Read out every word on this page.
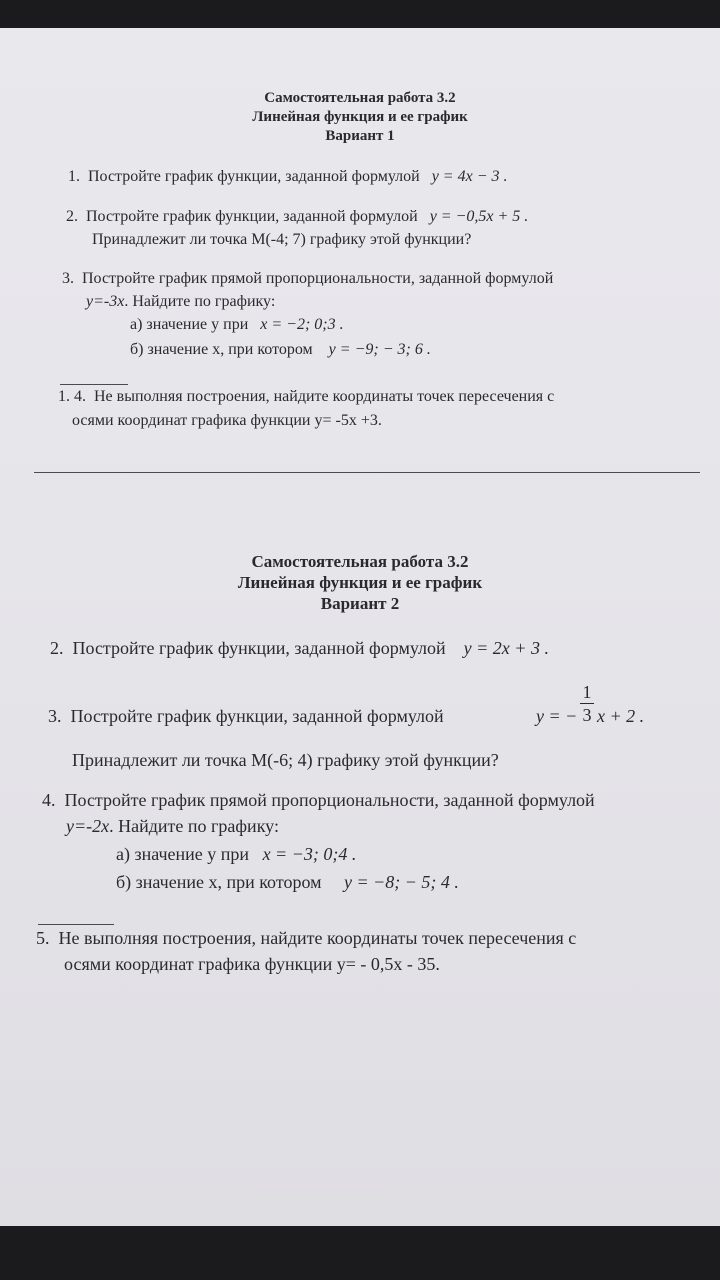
Самостоятельная работа 3.2
Линейная функция и ее график
Вариант 1
1. Постройте график функции, заданной формулой y = 4x − 3 .
2. Постройте график функции, заданной формулой y = −0,5x + 5 .
Принадлежит ли точка М(-4; 7) графику этой функции?
3. Постройте график прямой пропорциональности, заданной формулой
y=-3x. Найдите по графику:
а) значение y при x = −2; 0;3 .
б) значение х, при котором y = −9; − 3; 6 .
1. 4. Не выполняя построения, найдите координаты точек пересечения с
осями координат графика функции y= -5x +3.
Самостоятельная работа 3.2
Линейная функция и ее график
Вариант 2
2. Постройте график функции, заданной формулой y = 2x + 3 .
3. Постройте график функции, заданной формулой	y = −
1
3 x + 2 .
Принадлежит ли точка М(-6; 4) графику этой функции?
4. Постройте график прямой пропорциональности, заданной формулой
y=-2x. Найдите по графику:
а) значение y при x = −3; 0;4 .
б) значение х, при котором y = −8; − 5; 4 .
5. Не выполняя построения, найдите координаты точек пересечения с
осями координат графика функции y= - 0,5x - 35.
